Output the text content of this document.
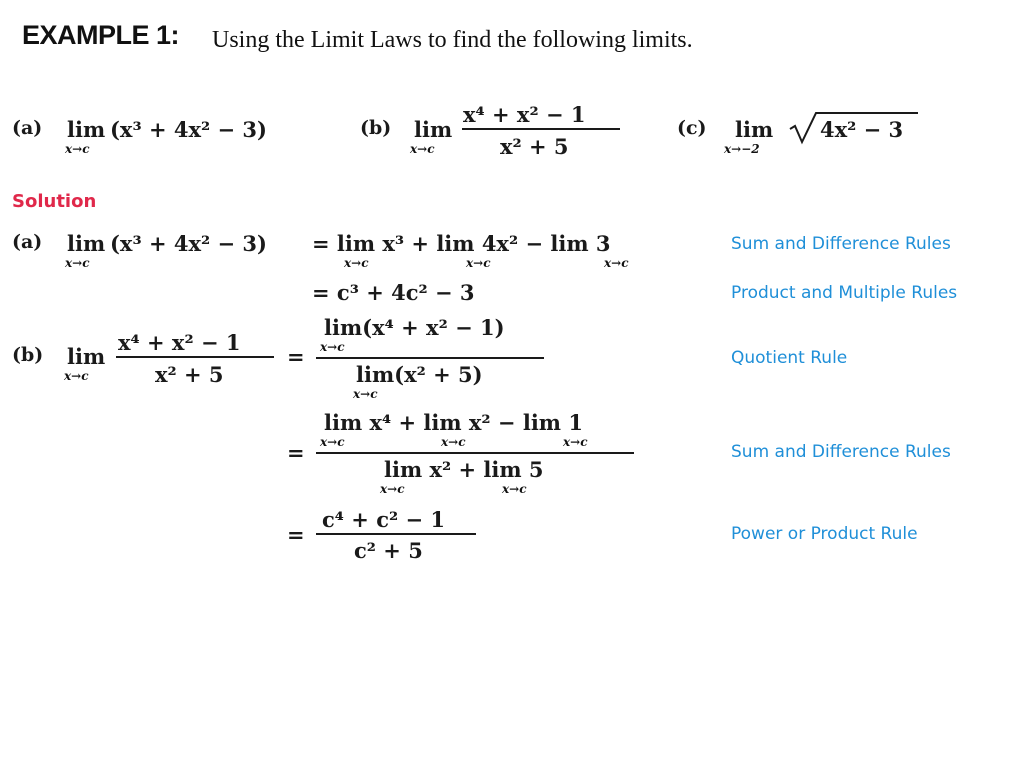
EXAMPLE 1: Using the Limit Laws to find the following limits.
(a) lim
x→c
(x³ + 4x² − 3)	(b) lim
x→c
x⁴ + x² − 1
x² + 5
(c) lim
x→−2
4x² − 3
Solution
(a) lim
x→c
(x³ + 4x² − 3) = lim x³ + lim 4x² − lim 3
x→c	x→c	x→c
= c³ + 4c² − 3
(b) lim
x→c
x⁴ + x² − 1
x² + 5
=
lim(x⁴ + x² − 1)
x→c
lim(x² + 5)
x→c
=
lim x⁴ + lim x² − lim 1
x→c	x→c	x→c
lim x² + lim 5
x→c	x→c
=
c⁴ + c² − 1
c² + 5
Sum and Difference Rules
Product and Multiple Rules
Quotient Rule
Sum and Difference Rules
Power or Product Rule
